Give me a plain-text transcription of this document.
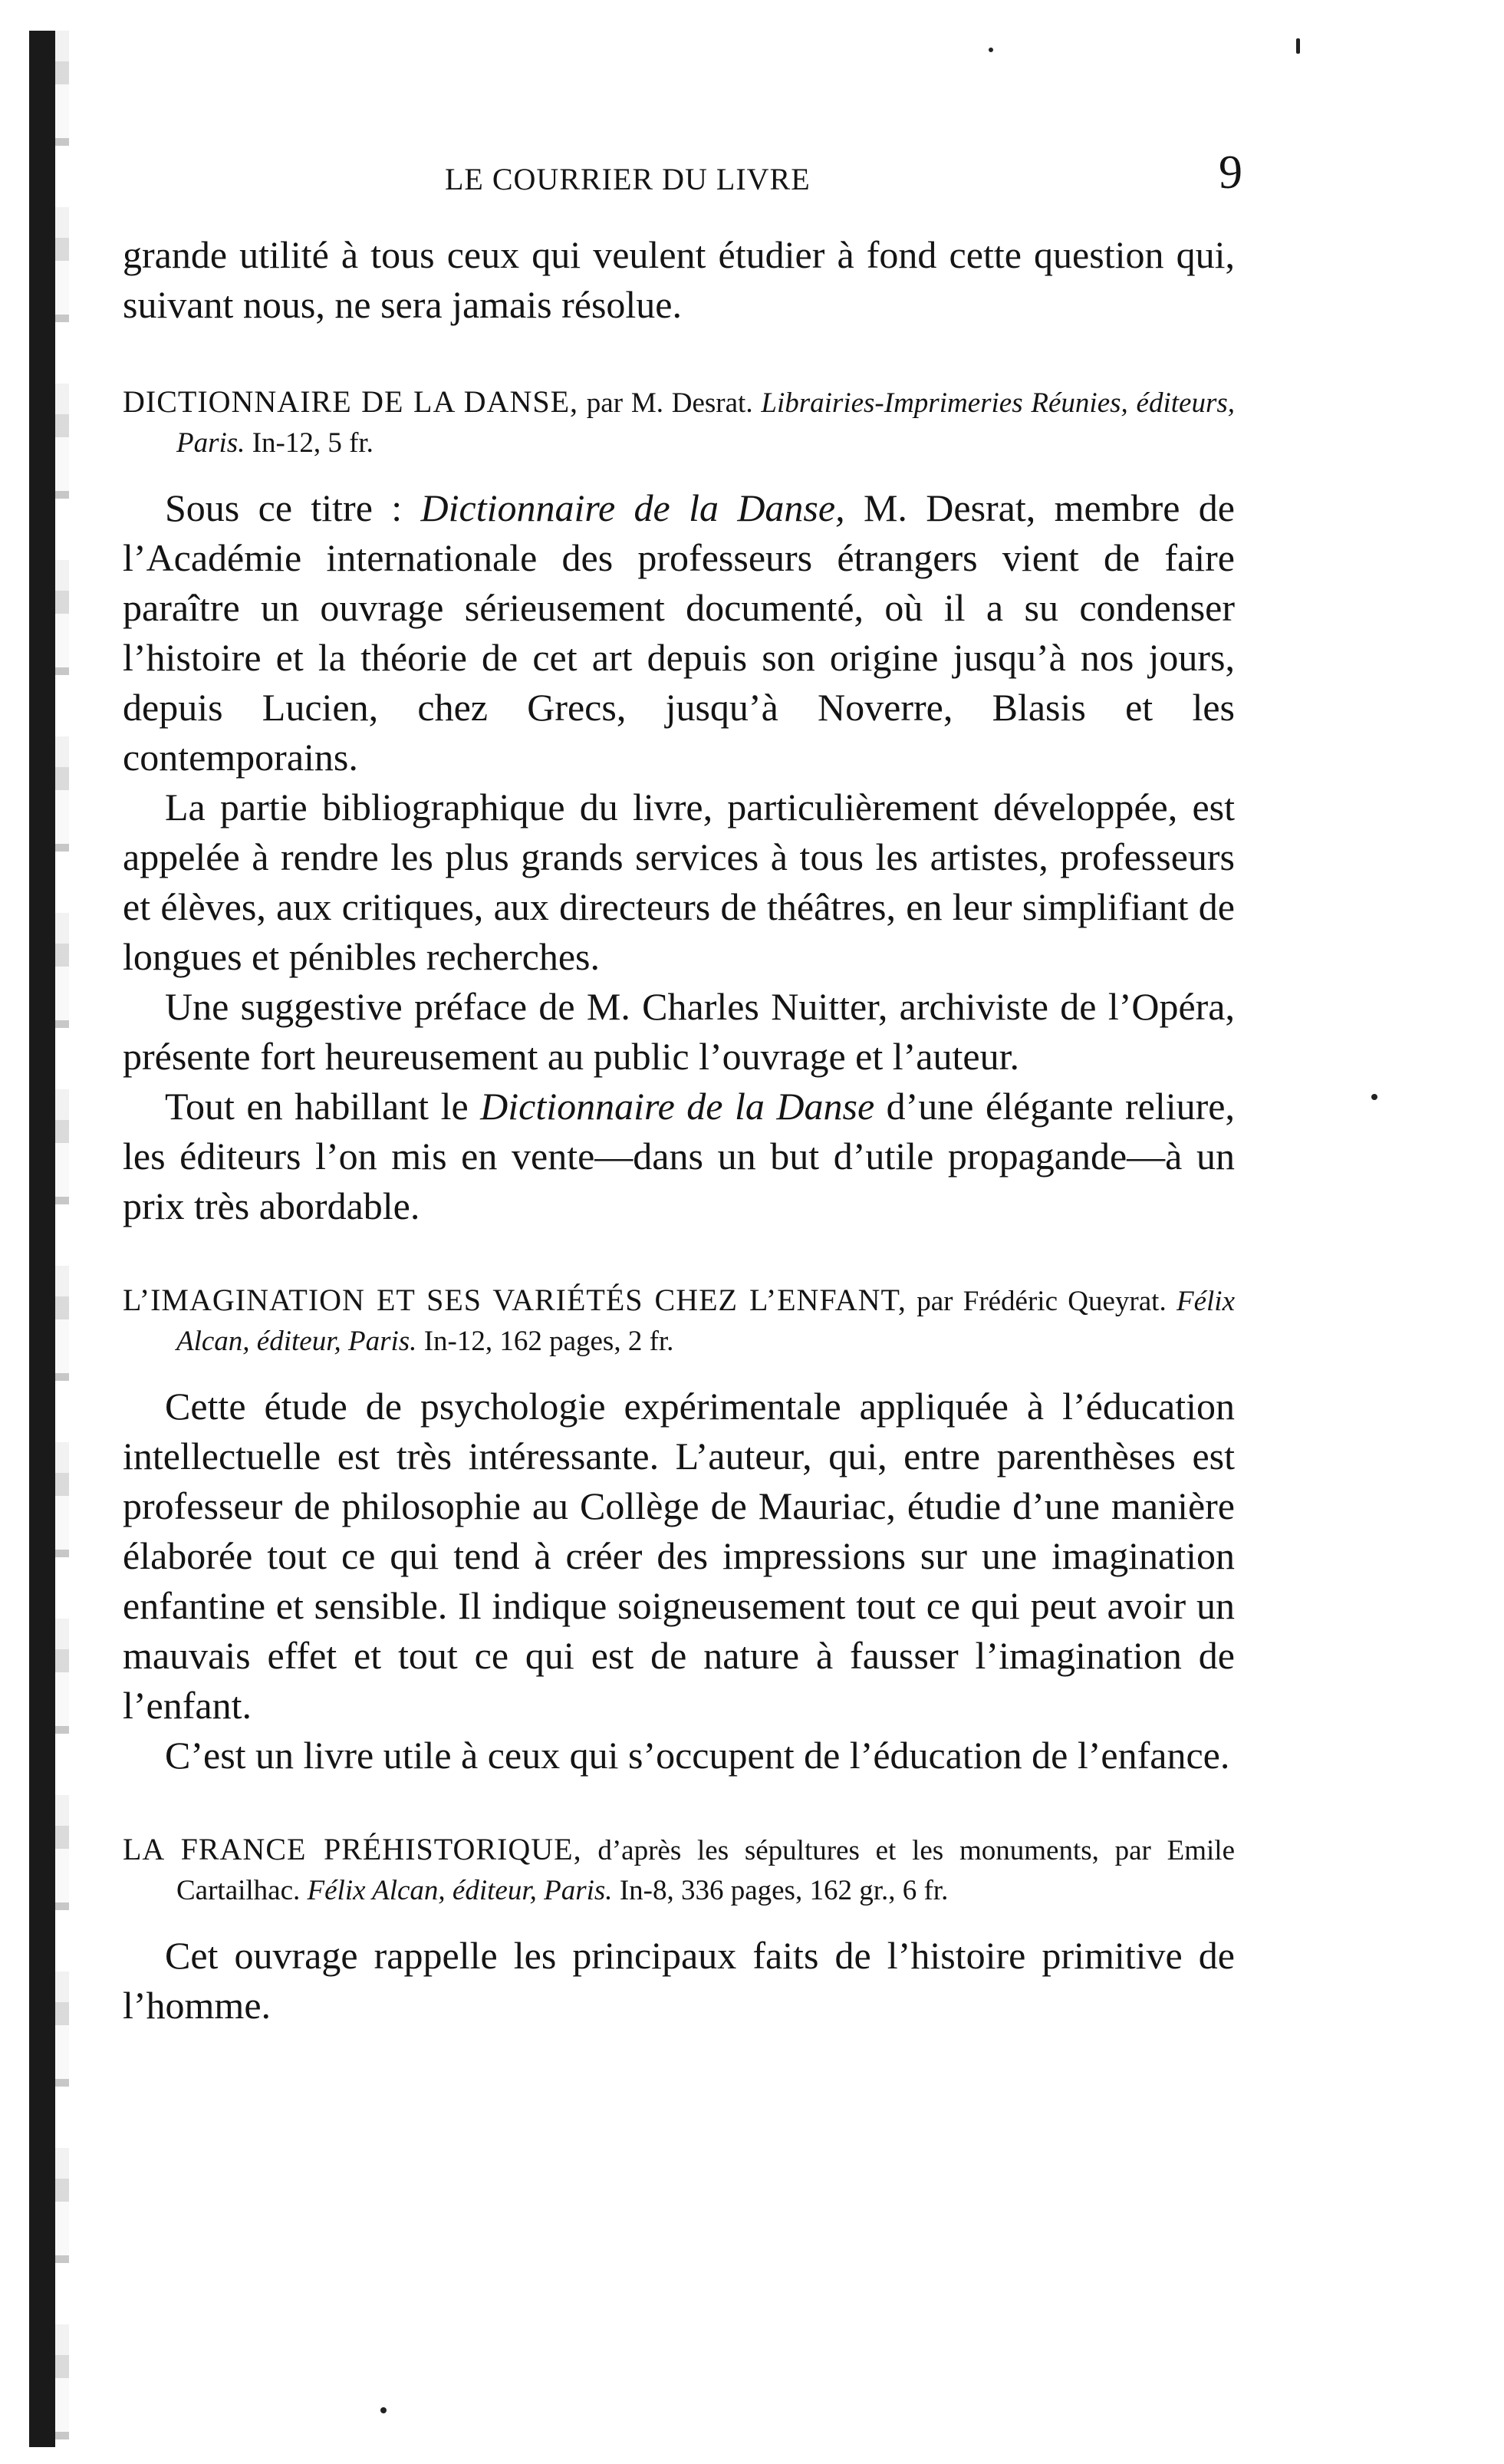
LE COURRIER DU LIVRE	9

grande utilité à tous ceux qui veulent étudier à fond cette question qui, suivant nous, ne sera jamais résolue.

DICTIONNAIRE DE LA DANSE, par M. Desrat. Librairies-Imprimeries Réunies, éditeurs, Paris. In-12, 5 fr.

Sous ce titre : Dictionnaire de la Danse, M. Desrat, membre de l’Académie internationale des professeurs étrangers vient de faire paraître un ouvrage sérieusement documenté, où il a su condenser l’histoire et la théorie de cet art depuis son origine jusqu’à nos jours, depuis Lucien, chez Grecs, jusqu’à Noverre, Blasis et les contemporains.

La partie bibliographique du livre, particulièrement développée, est appelée à rendre les plus grands services à tous les artistes, professeurs et élèves, aux critiques, aux directeurs de théâtres, en leur simplifiant de longues et pénibles recherches.

Une suggestive préface de M. Charles Nuitter, archiviste de l’Opéra, présente fort heureusement au public l’ouvrage et l’auteur.

Tout en habillant le Dictionnaire de la Danse d’une élégante reliure, les éditeurs l’on mis en vente—dans un but d’utile propagande—à un prix très abordable.

L’IMAGINATION ET SES VARIÉTÉS CHEZ L’ENFANT, par Frédéric Queyrat. Félix Alcan, éditeur, Paris. In-12, 162 pages, 2 fr.

Cette étude de psychologie expérimentale appliquée à l’éducation intellectuelle est très intéressante. L’auteur, qui, entre parenthèses est professeur de philosophie au Collège de Mauriac, étudie d’une manière élaborée tout ce qui tend à créer des impressions sur une imagination enfantine et sensible. Il indique soigneusement tout ce qui peut avoir un mauvais effet et tout ce qui est de nature à fausser l’imagination de l’enfant.

C’est un livre utile à ceux qui s’occupent de l’éducation de l’enfance.

LA FRANCE PRÉHISTORIQUE, d’après les sépultures et les monuments, par Emile Cartailhac. Félix Alcan, éditeur, Paris. In-8, 336 pages, 162 gr., 6 fr.

Cet ouvrage rappelle les principaux faits de l’histoire primitive de l’homme.
